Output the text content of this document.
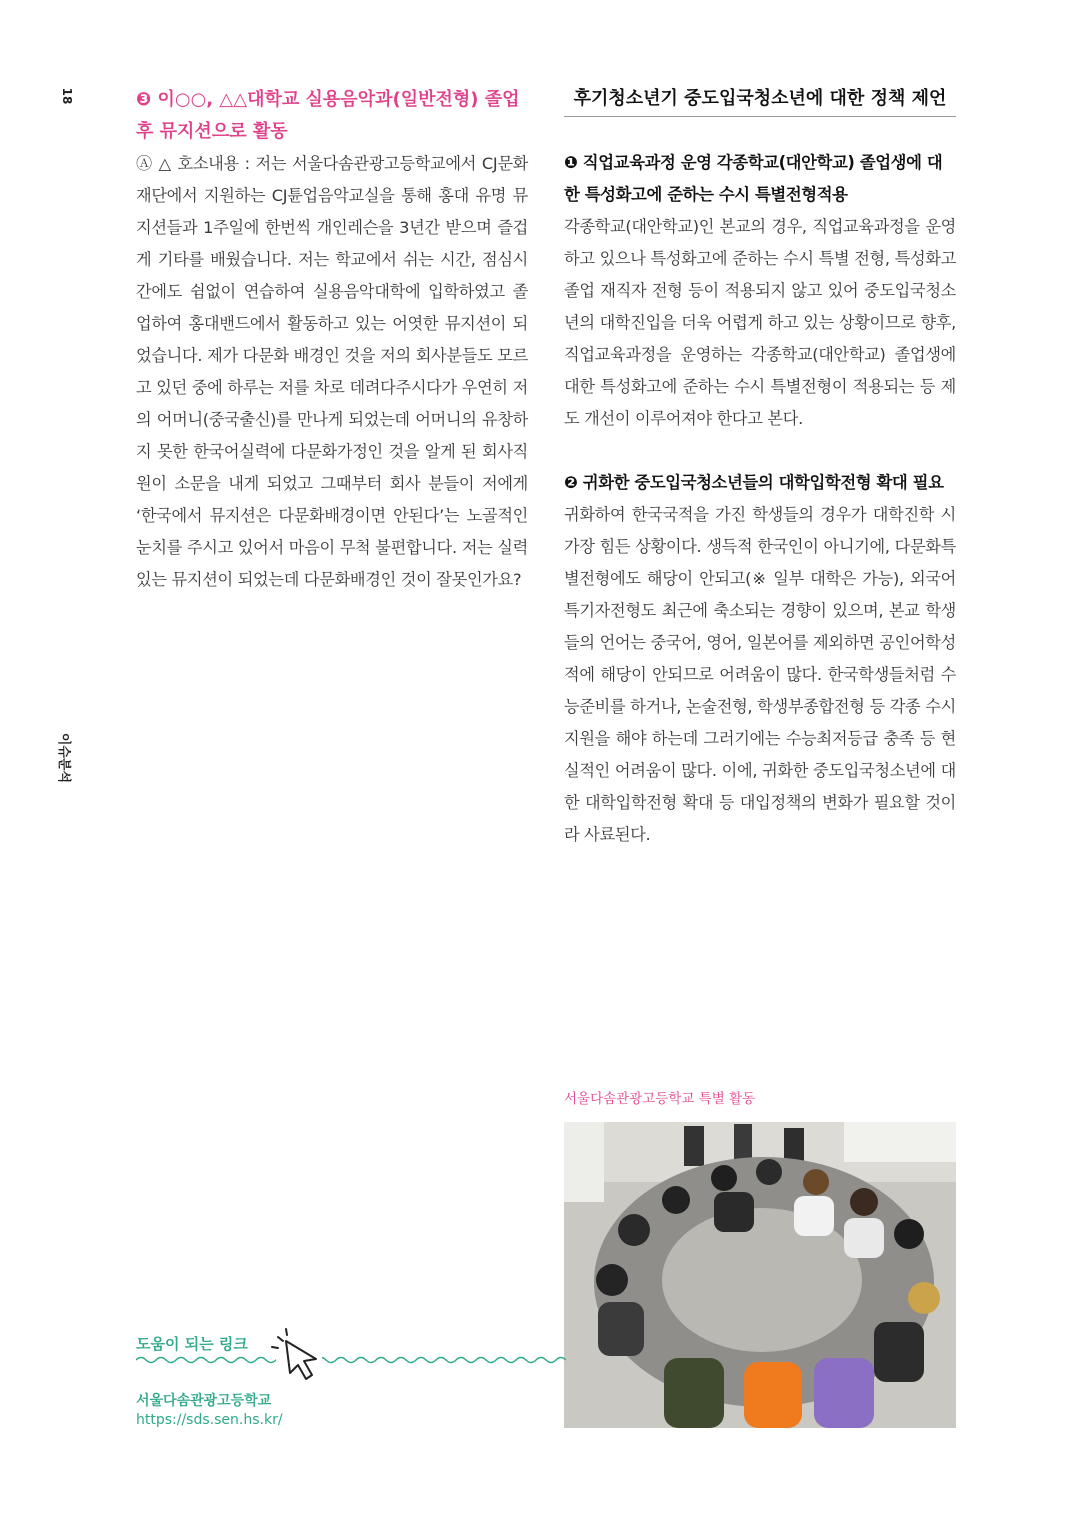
18
이슈분석

❸ 이○○, △△대학교 실용음악과(일반전형) 졸업 후 뮤지션으로 활동

Ⓐ △ 호소내용 : 저는 서울다솜관광고등학교에서 CJ문화재단에서 지원하는 CJ튠업음악교실을 통해 홍대 유명 뮤지션들과 1주일에 한번씩 개인레슨을 3년간 받으며 즐겁게 기타를 배웠습니다. 저는 학교에서 쉬는 시간, 점심시간에도 쉼없이 연습하여 실용음악대학에 입학하였고 졸업하여 홍대밴드에서 활동하고 있는 어엿한 뮤지션이 되었습니다. 제가 다문화 배경인 것을 저의 회사분들도 모르고 있던 중에 하루는 저를 차로 데려다주시다가 우연히 저의 어머니(중국출신)를 만나게 되었는데 어머니의 유창하지 못한 한국어실력에 다문화가정인 것을 알게 된 회사직원이 소문을 내게 되었고 그때부터 회사 분들이 저에게 ‘한국에서 뮤지션은 다문화배경이면 안된다’는 노골적인 눈치를 주시고 있어서 마음이 무척 불편합니다. 저는 실력있는 뮤지션이 되었는데 다문화배경인 것이 잘못인가요?

후기청소년기 중도입국청소년에 대한 정책 제언

❶ 직업교육과정 운영 각종학교(대안학교) 졸업생에 대한 특성화고에 준하는 수시 특별전형적용

각종학교(대안학교)인 본교의 경우, 직업교육과정을 운영하고 있으나 특성화고에 준하는 수시 특별 전형, 특성화고 졸업 재직자 전형 등이 적용되지 않고 있어 중도입국청소년의 대학진입을 더욱 어렵게 하고 있는 상황이므로 향후, 직업교육과정을 운영하는 각종학교(대안학교) 졸업생에 대한 특성화고에 준하는 수시 특별전형이 적용되는 등 제도 개선이 이루어져야 한다고 본다.

❷ 귀화한 중도입국청소년들의 대학입학전형 확대 필요

귀화하여 한국국적을 가진 학생들의 경우가 대학진학 시 가장 힘든 상황이다. 생득적 한국인이 아니기에, 다문화특별전형에도 해당이 안되고(※ 일부 대학은 가능), 외국어특기자전형도 최근에 축소되는 경향이 있으며, 본교 학생들의 언어는 중국어, 영어, 일본어를 제외하면 공인어학성적에 해당이 안되므로 어려움이 많다. 한국학생들처럼 수능준비를 하거나, 논술전형, 학생부종합전형 등 각종 수시지원을 해야 하는데 그러기에는 수능최저등급 충족 등 현실적인 어려움이 많다. 이에, 귀화한 중도입국청소년에 대한 대학입학전형 확대 등 대입정책의 변화가 필요할 것이라 사료된다.

서울다솜관광고등학교 특별 활동
도움이 되는 링크
서울다솜관광고등학교
https://sds.sen.hs.kr/
